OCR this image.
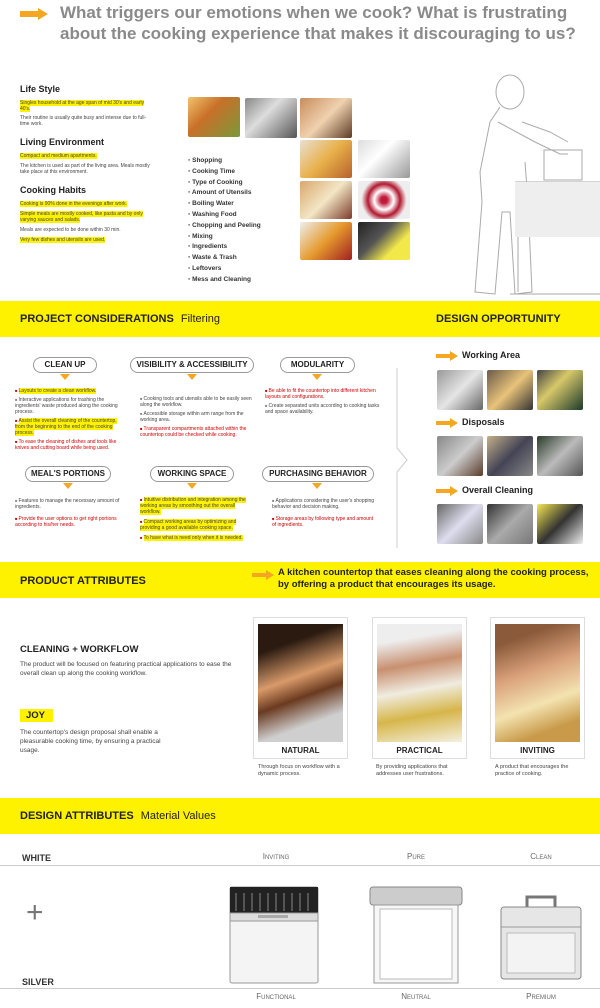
What triggers our emotions when we cook? What is frustrating about the cooking experience that makes it discouraging to us?
Life Style
Singles household at the age span of mid 30's and early 40's.
Their routine is usually quite busy and intense due to full-time work.
Living Environment
Compact and medium apartments.
The kitchen is used as part of the living area. Meals mostly take place at this environment.
Cooking Habits
Cooking is 90% done in the evenings after work.
Simple meals are mostly cooked, like pasta and by only varying sauces and salads.
Meals are expected to be done within 30 min.
Very few dishes and utensils are used.
▪ Shopping
▪ Cooking Time
▪ Type of Cooking
▪ Amount of Utensils
▪ Boiling Water
▪ Washing Food
▪ Chopping and Peeling
▪ Mixing
▪ Ingredients
▪ Waste & Trash
▪ Leftovers
▪ Mess and Cleaning
PROJECT CONSIDERATIONS Filtering	DESIGN OPPORTUNITY
CLEAN UP	VISIBILITY & ACCESSIBILITY	MODULARITY
■ Layouts to create a clean workflow.
■ Interactive applications for trashing the ingredients' waste produced along the cooking process.
■ Assist the overall cleaning of the countertop, from the beginning to the end of the cooking process.
■ To ease the cleaning of dishes and tools like knives and cutting board while being used.
■ Cooking tools and utensils able to be easily seen along the workflow.
■ Accessible storage within arm range from the working area.
■ Transparent compartments attached within the countertop could be checked while cooking.
■ Be able to fit the countertop into different kitchen layouts and configurations.
■ Create separated units according to cooking tasks and space availability.
MEAL'S PORTIONS	WORKING SPACE	PURCHASING BEHAVIOR
■ Features to manage the necessary amount of ingredients.
■ Provide the user options to get right portions according to his/her needs.
■ Intuitive distribution and integration among the working areas by smoothing out the overall workflow.
■ Compact working areas by optimizing and providing a good available cooking space.
■ To have what is need only when it is needed.
■ Applications considering the user's shopping behavior and decision making.
■ Storage areas by following type and amount of ingredients.
Working Area
Disposals
Overall Cleaning
PRODUCT ATTRIBUTES
A kitchen countertop that eases cleaning along the cooking process, by offering a product that encourages its usage.
CLEANING + WORKFLOW
The product will be focused on featuring practical applications to ease the overall clean up along the cooking workflow.
JOY
The countertop's design proposal shall enable a pleasurable cooking time, by ensuring a practical usage.	NATURAL
Through focus on workflow with a dynamic process.
PRACTICAL
By providing applications that addresses user frustrations.
INVITING
A product that encourages the practice of cooking.
DESIGN ATTRIBUTES Material Values
WHITE
+
SILVER
Inviting	Pure	Clean
Functional	Neutral	Premium
